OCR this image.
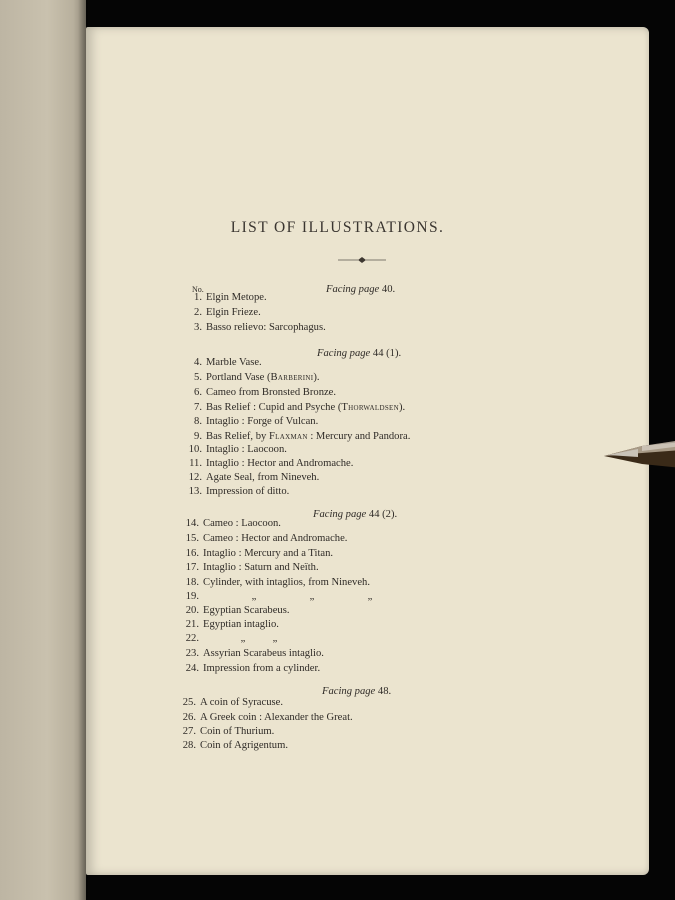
LIST OF ILLUSTRATIONS.
No.	Facing page 40.
1. Elgin Metope.
2. Elgin Frieze.
3. Basso relievo: Sarcophagus.
Facing page 44 (1).
4. Marble Vase.
5. Portland Vase (Barberini).
6. Cameo from Bronsted Bronze.
7. Bas Relief : Cupid and Psyche (Thorwaldsen).
8. Intaglio : Forge of Vulcan.
9. Bas Relief, by Flaxman : Mercury and Pandora.
10. Intaglio : Laocoon.
11. Intaglio : Hector and Andromache.
12. Agate Seal, from Nineveh.
13. Impression of ditto.
Facing page 44 (2).
14. Cameo : Laocoon.
15. Cameo : Hector and Andromache.
16. Intaglio : Mercury and a Titan.
17. Intaglio : Saturn and Neïth.
18. Cylinder, with intaglios, from Nineveh.
19.	„	„	„
20. Egyptian Scarabeus.
21. Egyptian intaglio.
22.	„	„
23. Assyrian Scarabeus intaglio.
24. Impression from a cylinder.
Facing page 48.
25. A coin of Syracuse.
26. A Greek coin : Alexander the Great.
27. Coin of Thurium.
28. Coin of Agrigentum.
